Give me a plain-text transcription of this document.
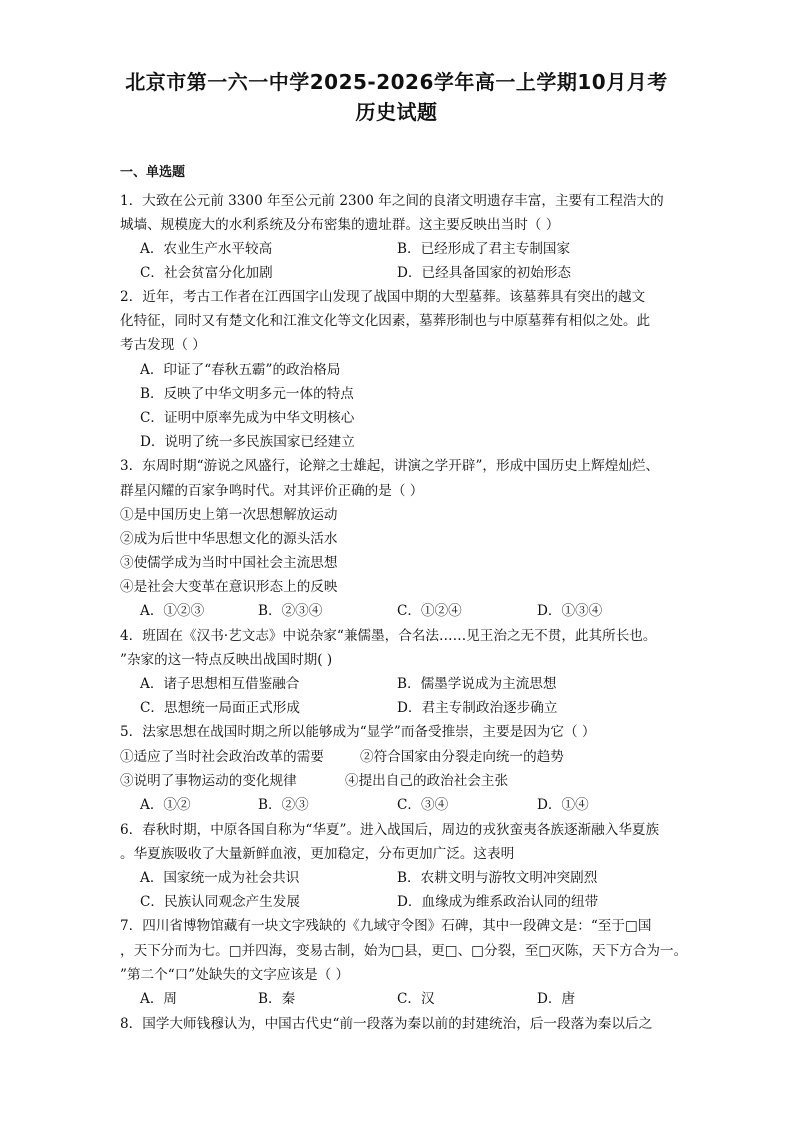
北京市第一六一中学2025-2026学年高一上学期10月月考
历史试题
一、单选题
1．大致在公元前 3300 年至公元前 2300 年之间的良渚文明遗存丰富，主要有工程浩大的
城墙、规模庞大的水利系统及分布密集的遗址群。这主要反映出当时（ ）
A．农业生产水平较高	B．已经形成了君主专制国家
C．社会贫富分化加剧	D．已经具备国家的初始形态
2．近年，考古工作者在江西国字山发现了战国中期的大型墓葬。该墓葬具有突出的越文
化特征，同时又有楚文化和江淮文化等文化因素，墓葬形制也与中原墓葬有相似之处。此
考古发现（ ）
A．印证了“春秋五霸”的政治格局
B．反映了中华文明多元一体的特点
C．证明中原率先成为中华文明核心
D．说明了统一多民族国家已经建立
3．东周时期“游说之风盛行，论辩之士雄起，讲演之学开辟”，形成中国历史上辉煌灿烂、
群星闪耀的百家争鸣时代。对其评价正确的是（ ）
①是中国历史上第一次思想解放运动
②成为后世中华思想文化的源头活水
③使儒学成为当时中国社会主流思想
④是社会大变革在意识形态上的反映
A．①②③	B．②③④	C．①②④	D．①③④
4．班固在《汉书·艺文志》中说杂家“兼儒墨，合名法……见王治之无不贯，此其所长也。
”杂家的这一特点反映出战国时期( )
A．诸子思想相互借鉴融合	B．儒墨学说成为主流思想
C．思想统一局面正式形成	D．君主专制政治逐步确立
5．法家思想在战国时期之所以能够成为“显学”而备受推崇，主要是因为它（ ）
①适应了当时社会政治改革的需要	②符合国家由分裂走向统一的趋势
③说明了事物运动的变化规律	④提出自己的政治社会主张
A．①②	B．②③	C．③④	D．①④
6．春秋时期，中原各国自称为“华夏”。进入战国后，周边的戎狄蛮夷各族逐渐融入华夏族
。华夏族吸收了大量新鲜血液，更加稳定，分布更加广泛。这表明
A．国家统一成为社会共识	B．农耕文明与游牧文明冲突剧烈
C．民族认同观念产生发展	D．血缘成为维系政治认同的纽带
7．四川省博物馆藏有一块文字残缺的《九域守令图》石碑，其中一段碑文是：“至于□国
，天下分而为七。□并四海，变易古制，始为□县，更□、□分裂，至□灭陈，天下方合为一。
”第二个“口”处缺失的文字应该是（ ）
A．周	B．秦	C．汉	D．唐
8．国学大师钱穆认为，中国古代史“前一段落为秦以前的封建统治，后一段落为秦以后之
